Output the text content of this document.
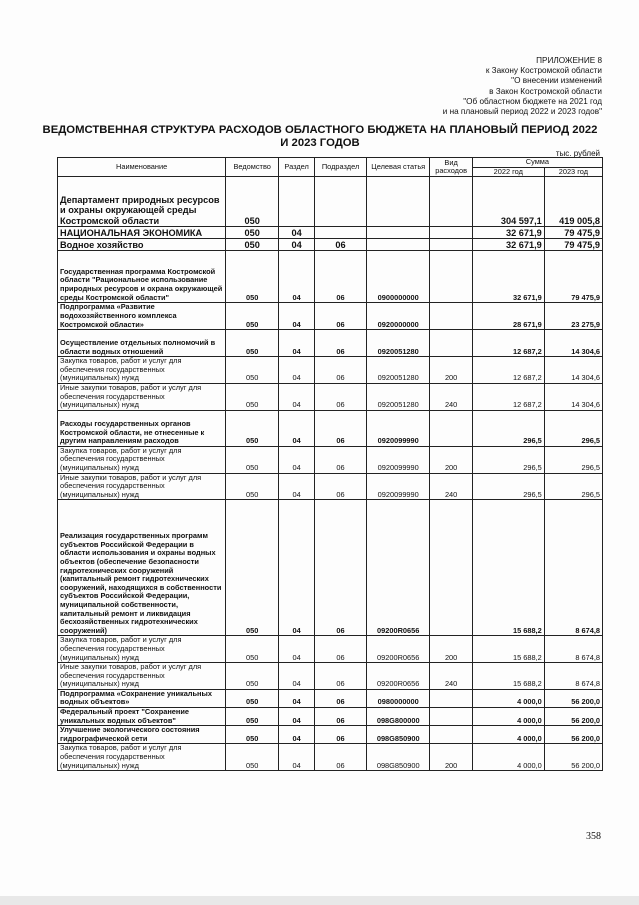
ПРИЛОЖЕНИЕ 8
к Закону Костромской области
"О внесении изменений
в Закон Костромской области
"Об областном бюджете на 2021 год
и на плановый период 2022 и 2023 годов"
ВЕДОМСТВЕННАЯ СТРУКТУРА РАСХОДОВ ОБЛАСТНОГО БЮДЖЕТА НА ПЛАНОВЫЙ ПЕРИОД 2022 И 2023 ГОДОВ
тыс. рублей
Наименование	Ведомство	Раздел	Подраздел	Целевая статья	Вид расходов	Сумма	
						2022 год	2023 год
Департамент природных ресурсов и охраны окружающей среды Костромской области	050					304 597,1	419 005,8
НАЦИОНАЛЬНАЯ ЭКОНОМИКА	050	04				32 671,9	79 475,9
Водное хозяйство	050	04	06			32 671,9	79 475,9
Государственная программа Костромской области "Рациональное использование природных ресурсов и охрана окружающей среды Костромской области"	050	04	06	0900000000		32 671,9	79 475,9
Подпрограмма «Развитие водохозяйственного комплекса Костромской области»	050	04	06	0920000000		28 671,9	23 275,9
Осуществление отдельных полномочий в области водных отношений	050	04	06	0920051280		12 687,2	14 304,6
Закупка товаров, работ и услуг для обеспечения государственных (муниципальных) нужд	050	04	06	0920051280	200	12 687,2	14 304,6
Иные закупки товаров, работ и услуг для обеспечения государственных (муниципальных) нужд	050	04	06	0920051280	240	12 687,2	14 304,6
Расходы государственных органов Костромской области, не отнесенные к другим направлениям расходов	050	04	06	0920099990		296,5	296,5
Закупка товаров, работ и услуг для обеспечения государственных (муниципальных) нужд	050	04	06	0920099990	200	296,5	296,5
Иные закупки товаров, работ и услуг для обеспечения государственных (муниципальных) нужд	050	04	06	0920099990	240	296,5	296,5
Реализация государственных программ субъектов Российской Федерации в области использования и охраны водных объектов (обеспечение безопасности гидротехнических сооружений (капитальный ремонт гидротехнических сооружений, находящихся в собственности субъектов Российской Федерации, муниципальной собственности, капитальный ремонт и ликвидация бесхозяйственных гидротехнических сооружений)	050	04	06	09200R0656		15 688,2	8 674,8
Закупка товаров, работ и услуг для обеспечения государственных (муниципальных) нужд	050	04	06	09200R0656	200	15 688,2	8 674,8
Иные закупки товаров, работ и услуг для обеспечения государственных (муниципальных) нужд	050	04	06	09200R0656	240	15 688,2	8 674,8
Подпрограмма «Сохранение уникальных водных объектов»	050	04	06	0980000000		4 000,0	56 200,0
Федеральный проект "Сохранение уникальных водных объектов"	050	04	06	098G800000		4 000,0	56 200,0
Улучшение экологического состояния гидрографической сети	050	04	06	098G850900		4 000,0	56 200,0
Закупка товаров, работ и услуг для обеспечения государственных (муниципальных) нужд	050	04	06	098G850900	200	4 000,0	56 200,0
358
